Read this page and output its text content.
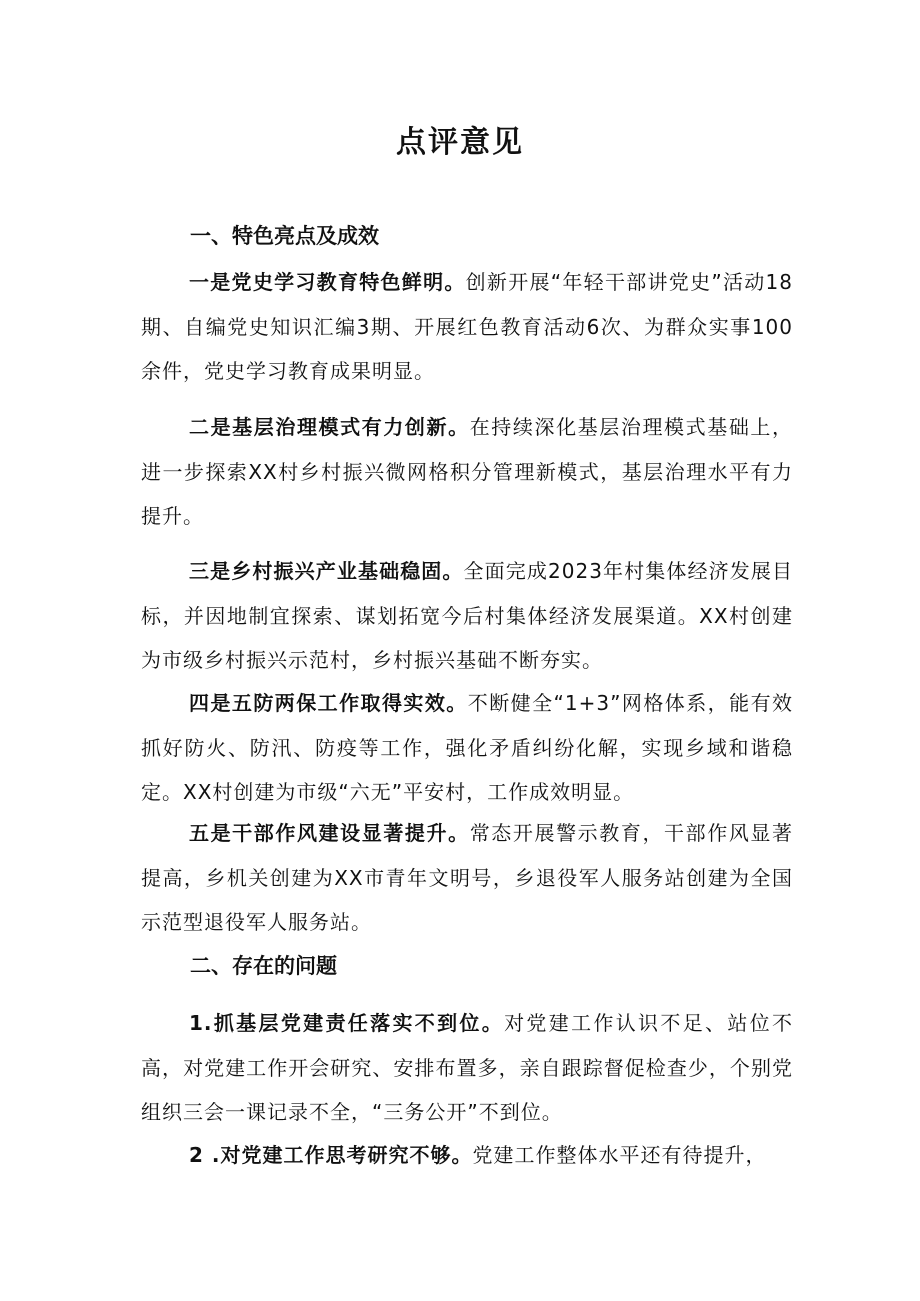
点评意见
一、特色亮点及成效
一是党史学习教育特色鲜明。创新开展“年轻干部讲党史”活动18期、自编党史知识汇编3期、开展红色教育活动6次、为群众实事100余件，党史学习教育成果明显。
二是基层治理模式有力创新。在持续深化基层治理模式基础上，进一步探索XX村乡村振兴微网格积分管理新模式，基层治理水平有力提升。
三是乡村振兴产业基础稳固。全面完成2023年村集体经济发展目标，并因地制宜探索、谋划拓宽今后村集体经济发展渠道。XX村创建为市级乡村振兴示范村，乡村振兴基础不断夯实。
四是五防两保工作取得实效。不断健全“1+3”网格体系，能有效抓好防火、防汛、防疫等工作，强化矛盾纠纷化解，实现乡域和谐稳定。XX村创建为市级“六无”平安村，工作成效明显。
五是干部作风建设显著提升。常态开展警示教育，干部作风显著提高，乡机关创建为XX市青年文明号，乡退役军人服务站创建为全国示范型退役军人服务站。
二、存在的问题
1.抓基层党建责任落实不到位。对党建工作认识不足、站位不高，对党建工作开会研究、安排布置多，亲自跟踪督促检查少，个别党组织三会一课记录不全，“三务公开”不到位。
2 .对党建工作思考研究不够。党建工作整体水平还有待提升，
